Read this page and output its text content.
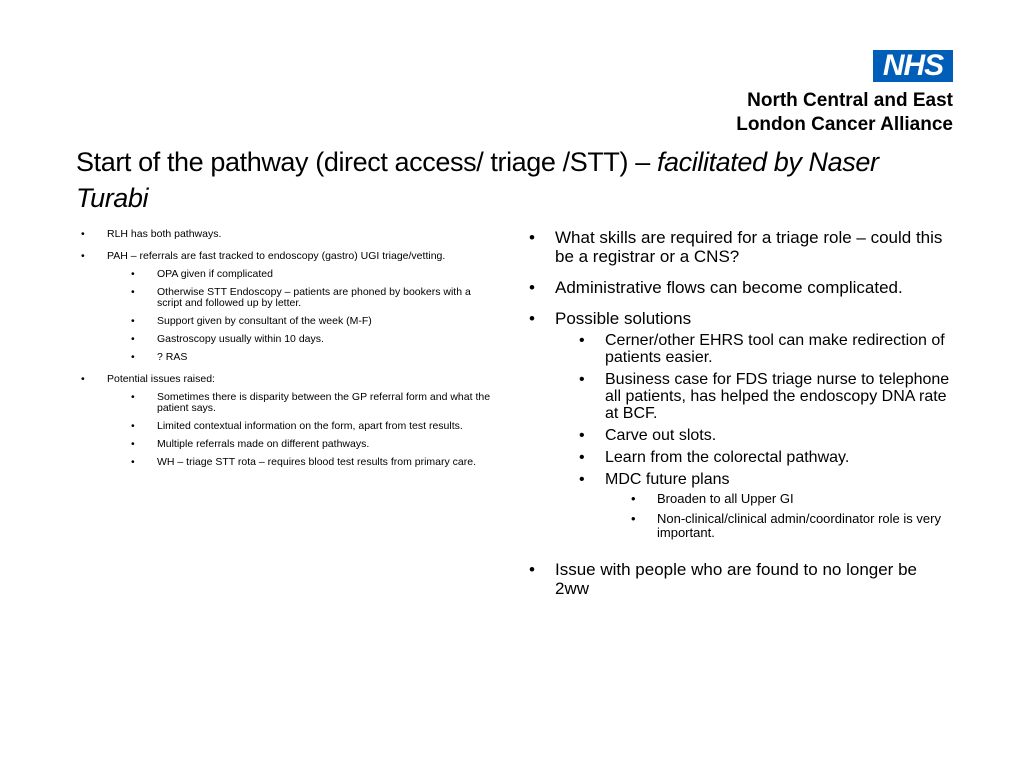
NHS
North Central and East
London Cancer Alliance
Start of the pathway (direct access/ triage /STT) – facilitated by Naser Turabi
• RLH has both pathways.
• PAH – referrals are fast tracked to endoscopy (gastro) UGI triage/vetting.
• OPA given if complicated
• Otherwise STT Endoscopy – patients are phoned by bookers with a script and followed up by letter.
• Support given by consultant of the week (M-F)
• Gastroscopy usually within 10 days.
• ? RAS
• Potential issues raised:
• Sometimes there is disparity between the GP referral form and what the patient says.
• Limited contextual information on the form, apart from test results.
• Multiple referrals made on different pathways.
• WH – triage STT rota – requires blood test results from primary care.
• What skills are required for a triage role – could this be a registrar or a CNS?
• Administrative flows can become complicated.
• Possible solutions
• Cerner/other EHRS tool can make redirection of patients easier.
• Business case for FDS triage nurse to telephone all patients, has helped the endoscopy DNA rate at BCF.
• Carve out slots.
• Learn from the colorectal pathway.
• MDC future plans
• Broaden to all Upper GI
• Non-clinical/clinical admin/coordinator role is very important.
• Issue with people who are found to no longer be 2ww
